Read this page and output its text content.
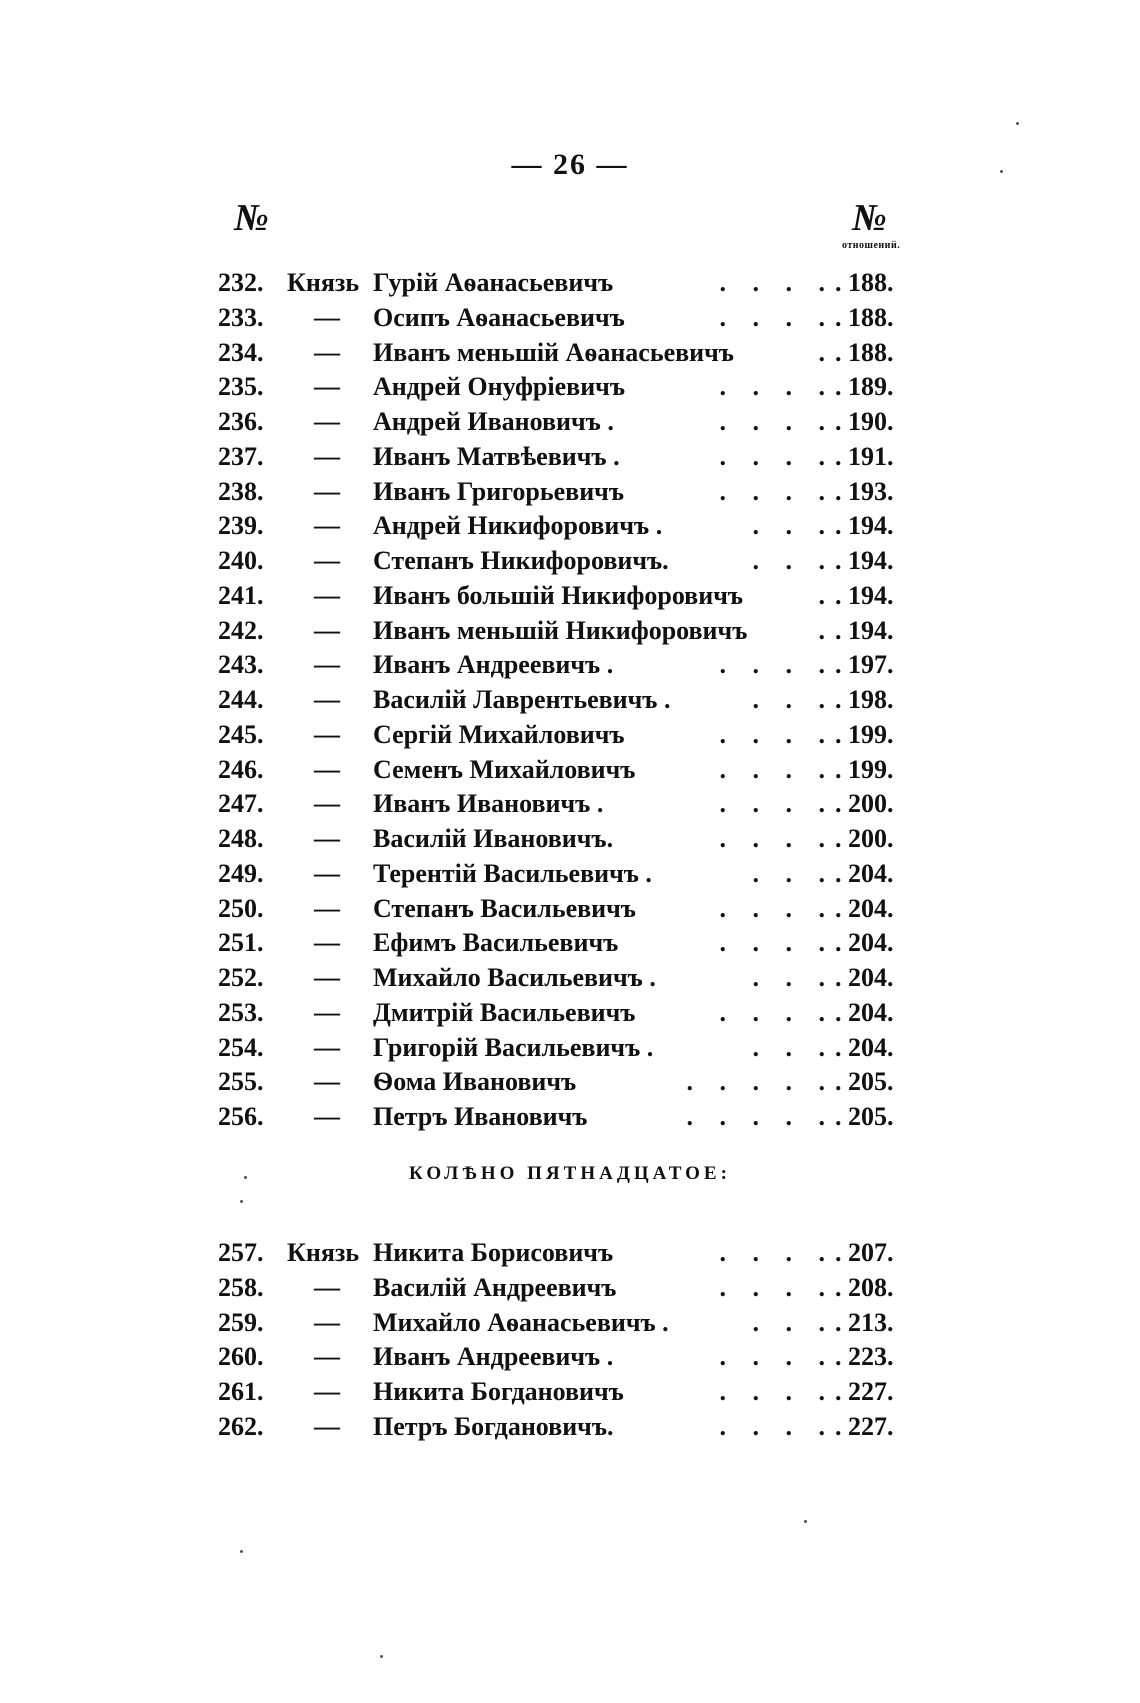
— 26 —
№	№
отношений.
232. Князь Гурій Аѳанасьевичъ	. . . . . 188.
233. — Осипъ Аѳанасьевичъ	. . . . . 188.
234. — Иванъ меньшій Аѳанасьевичъ	. . 188.
235. — Андрей Онуфріевичъ	. . . . . 189.
236. — Андрей Ивановичъ .	. . . . . 190.
237. — Иванъ Матвѣевичъ .	. . . . . 191.
238. — Иванъ Григорьевичъ	. . . . . 193.
239. — Андрей Никифоровичъ .	. . . . 194.
240. — Степанъ Никифоровичъ.	. . . . 194.
241. — Иванъ большій Никифоровичъ	. . 194.
242. — Иванъ меньшій Никифоровичъ	. . 194.
243. — Иванъ Андреевичъ .	. . . . . 197.
244. — Василій Лаврентьевичъ .	. . . . 198.
245. — Сергій Михайловичъ	. . . . . 199.
246. — Семенъ Михайловичъ	. . . . . 199.
247. — Иванъ Ивановичъ .	. . . . . 200.
248. — Василій Ивановичъ.	. . . . . 200.
249. — Терентій Васильевичъ .	. . . . 204.
250. — Степанъ Васильевичъ	. . . . . 204.
251. — Ефимъ Васильевичъ	. . . . . 204.
252. — Михайло Васильевичъ .	. . . . 204.
253. — Дмитрій Васильевичъ	. . . . . 204.
254. — Григорій Васильевичъ .	. . . . 204.
255. — Ѳома Ивановичъ	. . . . . . 205.
256. — Петръ Ивановичъ	. . . . . . 205.
257. Князь Никита Борисовичъ	. . . . . 207.
258. — Василій Андреевичъ	. . . . . 208.
259. — Михайло Аѳанасьевичъ .	. . . . 213.
260. — Иванъ Андреевичъ .	. . . . . 223.
261. — Никита Богдановичъ	. . . . . 227.
262. — Петръ Богдановичъ.	. . . . . 227.
КОЛѢНО ПЯТНАДЦАТОЕ:
